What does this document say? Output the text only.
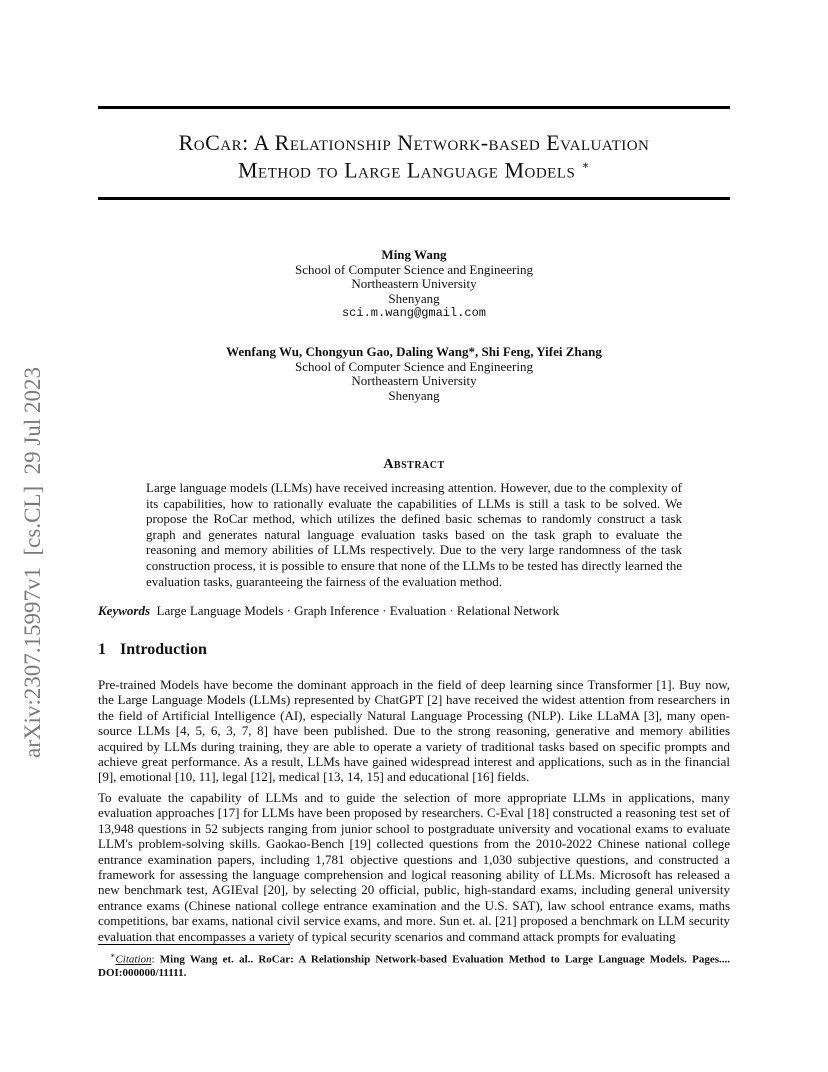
arXiv:2307.15997v1  [cs.CL]  29 Jul 2023
RoCar: A Relationship Network-based Evaluation
Method to Large Language Models ∗
Ming Wang
School of Computer Science and Engineering
Northeastern University
Shenyang
sci.m.wang@gmail.com
Wenfang Wu, Chongyun Gao, Daling Wang*, Shi Feng, Yifei Zhang
School of Computer Science and Engineering
Northeastern University
Shenyang
Abstract
Large language models (LLMs) have received increasing attention. However, due to the complexity of its capabilities, how to rationally evaluate the capabilities of LLMs is still a task to be solved. We propose the RoCar method, which utilizes the defined basic schemas to randomly construct a task graph and generates natural language evaluation tasks based on the task graph to evaluate the reasoning and memory abilities of LLMs respectively. Due to the very large randomness of the task construction process, it is possible to ensure that none of the LLMs to be tested has directly learned the evaluation tasks, guaranteeing the fairness of the evaluation method.
Keywords Large Language Models · Graph Inference · Evaluation · Relational Network
1 Introduction
Pre-trained Models have become the dominant approach in the field of deep learning since Transformer [1]. Buy now, the Large Language Models (LLMs) represented by ChatGPT [2] have received the widest attention from researchers in the field of Artificial Intelligence (AI), especially Natural Language Processing (NLP). Like LLaMA [3], many open-source LLMs [4, 5, 6, 3, 7, 8] have been published. Due to the strong reasoning, generative and memory abilities acquired by LLMs during training, they are able to operate a variety of traditional tasks based on specific prompts and achieve great performance. As a result, LLMs have gained widespread interest and applications, such as in the financial [9], emotional [10, 11], legal [12], medical [13, 14, 15] and educational [16] fields.
To evaluate the capability of LLMs and to guide the selection of more appropriate LLMs in applications, many evaluation approaches [17] for LLMs have been proposed by researchers. C-Eval [18] constructed a reasoning test set of 13,948 questions in 52 subjects ranging from junior school to postgraduate university and vocational exams to evaluate LLM's problem-solving skills. Gaokao-Bench [19] collected questions from the 2010-2022 Chinese national college entrance examination papers, including 1,781 objective questions and 1,030 subjective questions, and constructed a framework for assessing the language comprehension and logical reasoning ability of LLMs. Microsoft has released a new benchmark test, AGIEval [20], by selecting 20 official, public, high-standard exams, including general university entrance exams (Chinese national college entrance examination and the U.S. SAT), law school entrance exams, maths competitions, bar exams, national civil service exams, and more. Sun et. al. [21] proposed a benchmark on LLM security evaluation that encompasses a variety of typical security scenarios and command attack prompts for evaluating
∗Citation: Ming Wang et. al.. RoCar: A Relationship Network-based Evaluation Method to Large Language Models. Pages.... DOI:000000/11111.
